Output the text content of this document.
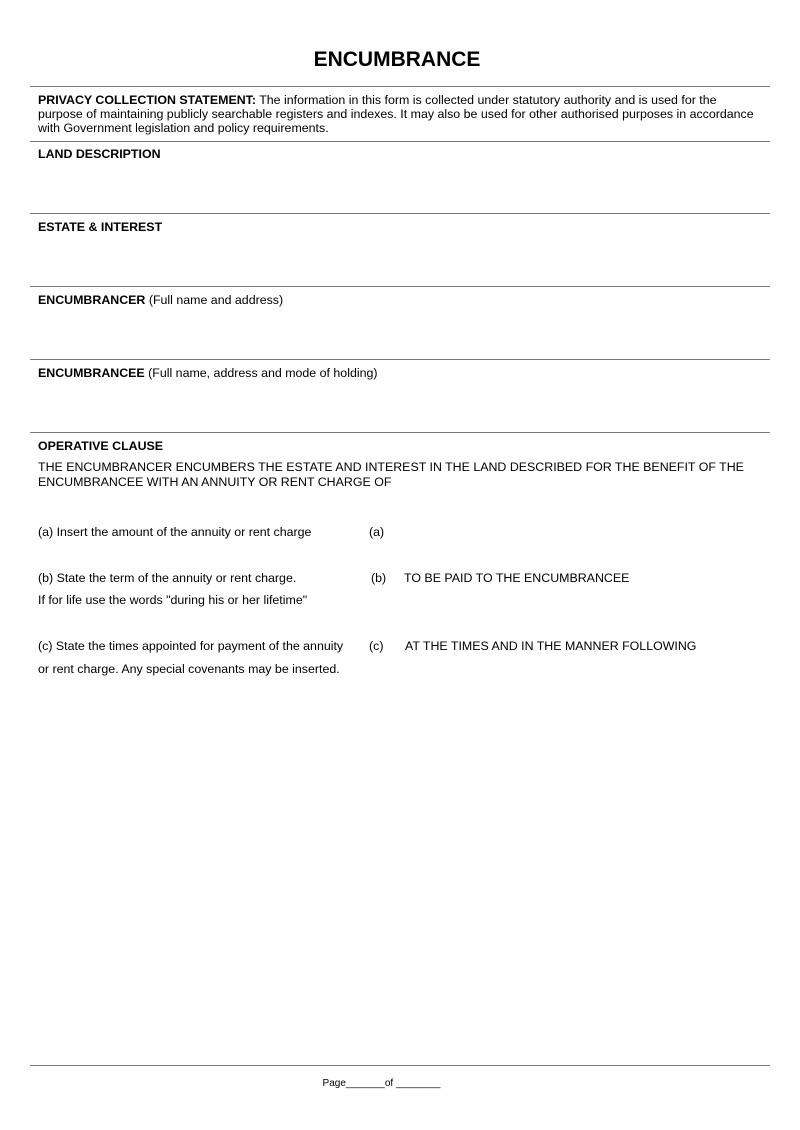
ENCUMBRANCE
PRIVACY COLLECTION STATEMENT: The information in this form is collected under statutory authority and is used for the purpose of maintaining publicly searchable registers and indexes. It may also be used for other authorised purposes in accordance with Government legislation and policy requirements.
LAND DESCRIPTION
ESTATE & INTEREST
ENCUMBRANCER (Full name and address)
ENCUMBRANCEE (Full name, address and mode of holding)
OPERATIVE CLAUSE
THE ENCUMBRANCER ENCUMBERS THE ESTATE AND INTEREST IN THE LAND DESCRIBED FOR THE BENEFIT OF THE ENCUMBRANCEE WITH AN ANNUITY OR RENT CHARGE OF
(a) Insert the amount of the annuity or rent charge	(a)
(b) State the term of the annuity or rent charge.
If for life use the words "during his or her lifetime"
(b) TO BE PAID TO THE ENCUMBRANCEE
(c) State the times appointed for payment of the annuity
or rent charge. Any special covenants may be inserted.
(c) AT THE TIMES AND IN THE MANNER FOLLOWING
Page_______of ________
